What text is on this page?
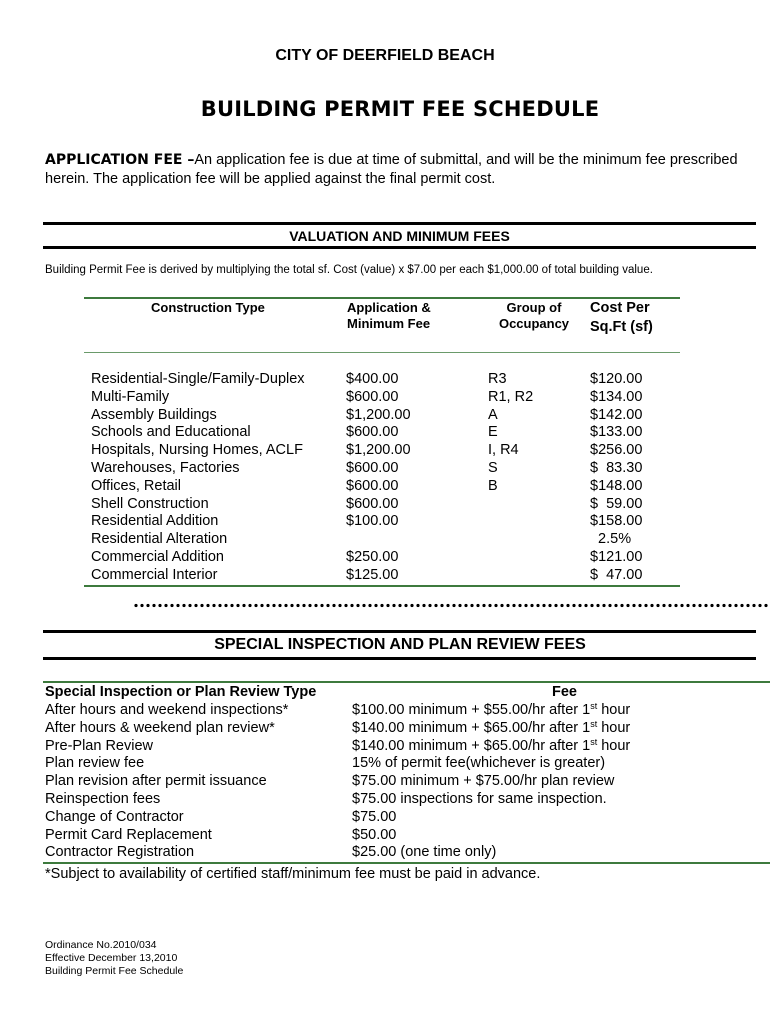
CITY OF DEERFIELD BEACH
BUILDING PERMIT FEE SCHEDULE
APPLICATION FEE –An application fee is due at time of submittal, and will be the minimum fee prescribed herein. The application fee will be applied against the final permit cost.
VALUATION AND MINIMUM FEES
Building Permit Fee is derived by multiplying the total sf. Cost (value) x $7.00 per each $1,000.00 of total building value.
Construction Type	Application &
Minimum Fee
Group of
Occupancy
Cost Per
Sq.Ft (sf)
Residential-Single/Family-Duplex
Multi-Family
Assembly Buildings
Schools and Educational
Hospitals, Nursing Homes, ACLF
Warehouses, Factories
Offices, Retail
Shell Construction
Residential Addition
Residential Alteration
Commercial Addition
Commercial Interior
$400.00
$600.00
$1,200.00
$600.00
$1,200.00
$600.00
$600.00
$600.00
$100.00

$250.00
$125.00
R3
R1, R2
A
E
I, R4
S
B

$120.00
$134.00
$142.00
$133.00
$256.00
$  83.30
$148.00
$  59.00
$158.00
2.5%
$121.00
$  47.00
SPECIAL INSPECTION AND PLAN REVIEW FEES
Special Inspection or Plan Review Type	Fee
After hours and weekend inspections*
After hours & weekend plan review*
Pre-Plan Review
Plan review fee
Plan revision after permit issuance
Reinspection fees
Change of Contractor
Permit Card Replacement
Contractor Registration
$100.00 minimum + $55.00/hr after 1st hour
$140.00 minimum + $65.00/hr after 1st hour
$140.00 minimum + $65.00/hr after 1st hour
15% of permit fee(whichever is greater)
$75.00 minimum + $75.00/hr plan review
$75.00 inspections for same inspection.
$75.00
$50.00
$25.00 (one time only)
*Subject to availability of certified staff/minimum fee must be paid in advance.
Ordinance No.2010/034
Effective December 13,2010
Building Permit Fee Schedule
